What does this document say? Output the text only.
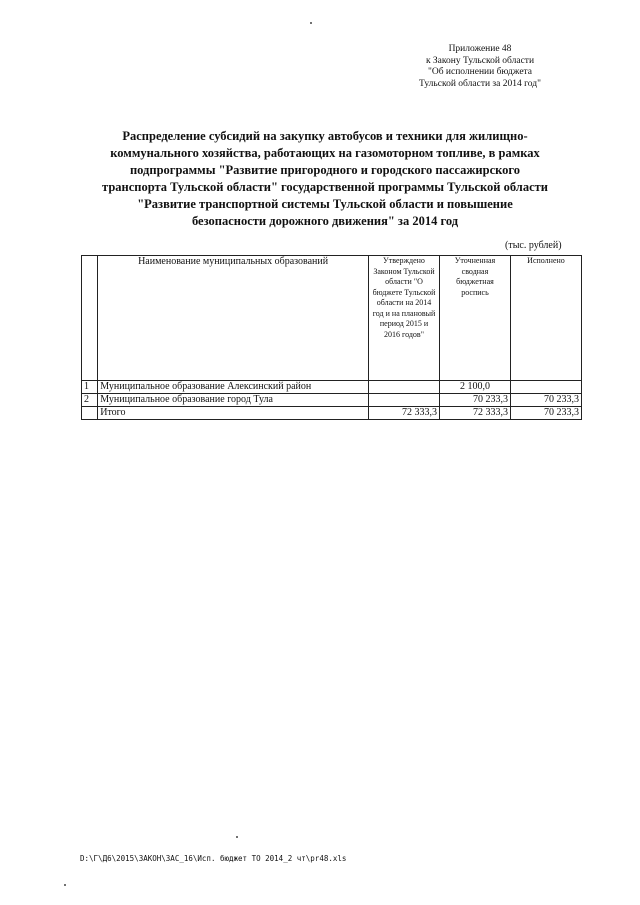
Приложение 48
к Закону Тульской области
"Об исполнении бюджета
Тульской области за 2014 год"
Распределение субсидий на закупку автобусов и техники для жилищно-коммунального хозяйства, работающих на газомоторном топливе, в рамках подпрограммы "Развитие пригородного и городского пассажирского транспорта Тульской области" государственной программы Тульской области "Развитие транспортной системы Тульской области и повышение безопасности дорожного движения" за 2014 год
(тыс. рублей)
	Наименование муниципальных образований	Утверждено Законом Тульской области "О бюджете Тульской области на 2014 год и на плановый период 2015 и 2016 годов"	Уточненная сводная бюджетная роспись	Исполнено
1	Муниципальное образование Алексинский район		2 100,0	
2	Муниципальное образование город Тула		70 233,3	70 233,3
	Итого	72 333,3	72 333,3	70 233,3
D:\Г\Д6\2015\ЗАКОН\ЗАС_16\Исп. бюджет ТО 2014_2 чт\pr48.xls
